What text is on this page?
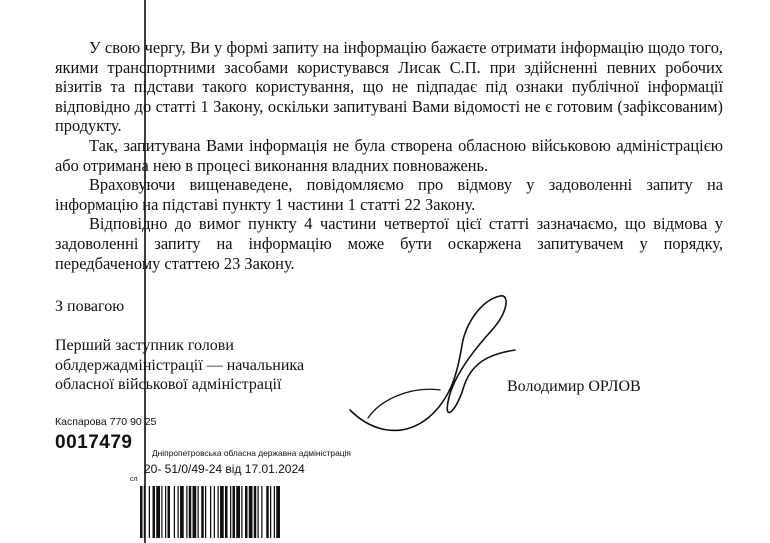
У свою чергу, Ви у формі запиту на інформацію бажаєте отримати інформацію щодо того, якими транспортними засобами користувався Лисак С.П. при здійсненні певних робочих візитів та підстави такого користування, що не підпадає під ознаки публічної інформації відповідно до статті 1 Закону, оскільки запитувані Вами відомості не є готовим (зафіксованим) продукту.

Так, запитувана Вами інформація не була створена обласною військовою адміністрацією або отримана нею в процесі виконання владних повноважень.

Враховуючи вищенаведене, повідомляємо про відмову у задоволенні запиту на інформацію на підставі пункту 1 частини 1 статті 22 Закону.

Відповідно до вимог пункту 4 частини четвертої цієї статті зазначаємо, що відмова у задоволенні запиту на інформацію може бути оскаржена запитувачем у порядку, передбаченому статтею 23 Закону.

З повагою
Перший заступник голови
облдержадміністрації — начальника
обласної військової адміністрації	Володимир ОРЛОВ
Каспарова 770 90 25
0017479 Дніпропетровська обласна державна адміністрація
20- 51/0/49-24 від 17.01.2024
сл
